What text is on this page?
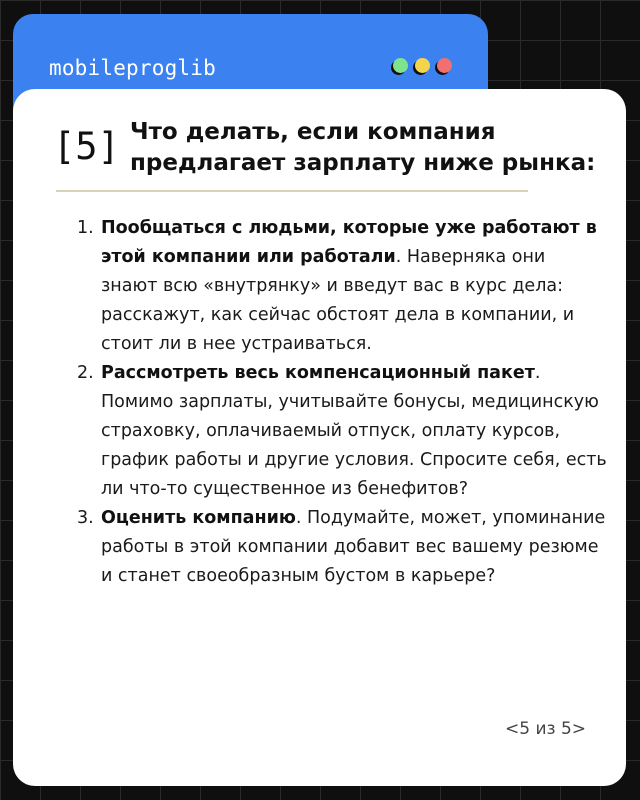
mobileproglib
[5] Что делать, если компания
предлагает зарплату ниже рынка:
1. Пообщаться с людьми, которые уже работают в этой компании или работали. Наверняка они знают всю «внутрянку» и введут вас в курс дела: расскажут, как сейчас обстоят дела в компании, и стоит ли в нее устраиваться.
2. Рассмотреть весь компенсационный пакет. Помимо зарплаты, учитывайте бонусы, медицинскую страховку, оплачиваемый отпуск, оплату курсов, график работы и другие условия. Спросите себя, есть ли что-то существенное из бенефитов?
3. Оценить компанию. Подумайте, может, упоминание работы в этой компании добавит вес вашему резюме и станет своеобразным бустом в карьере?
<5 из 5>
